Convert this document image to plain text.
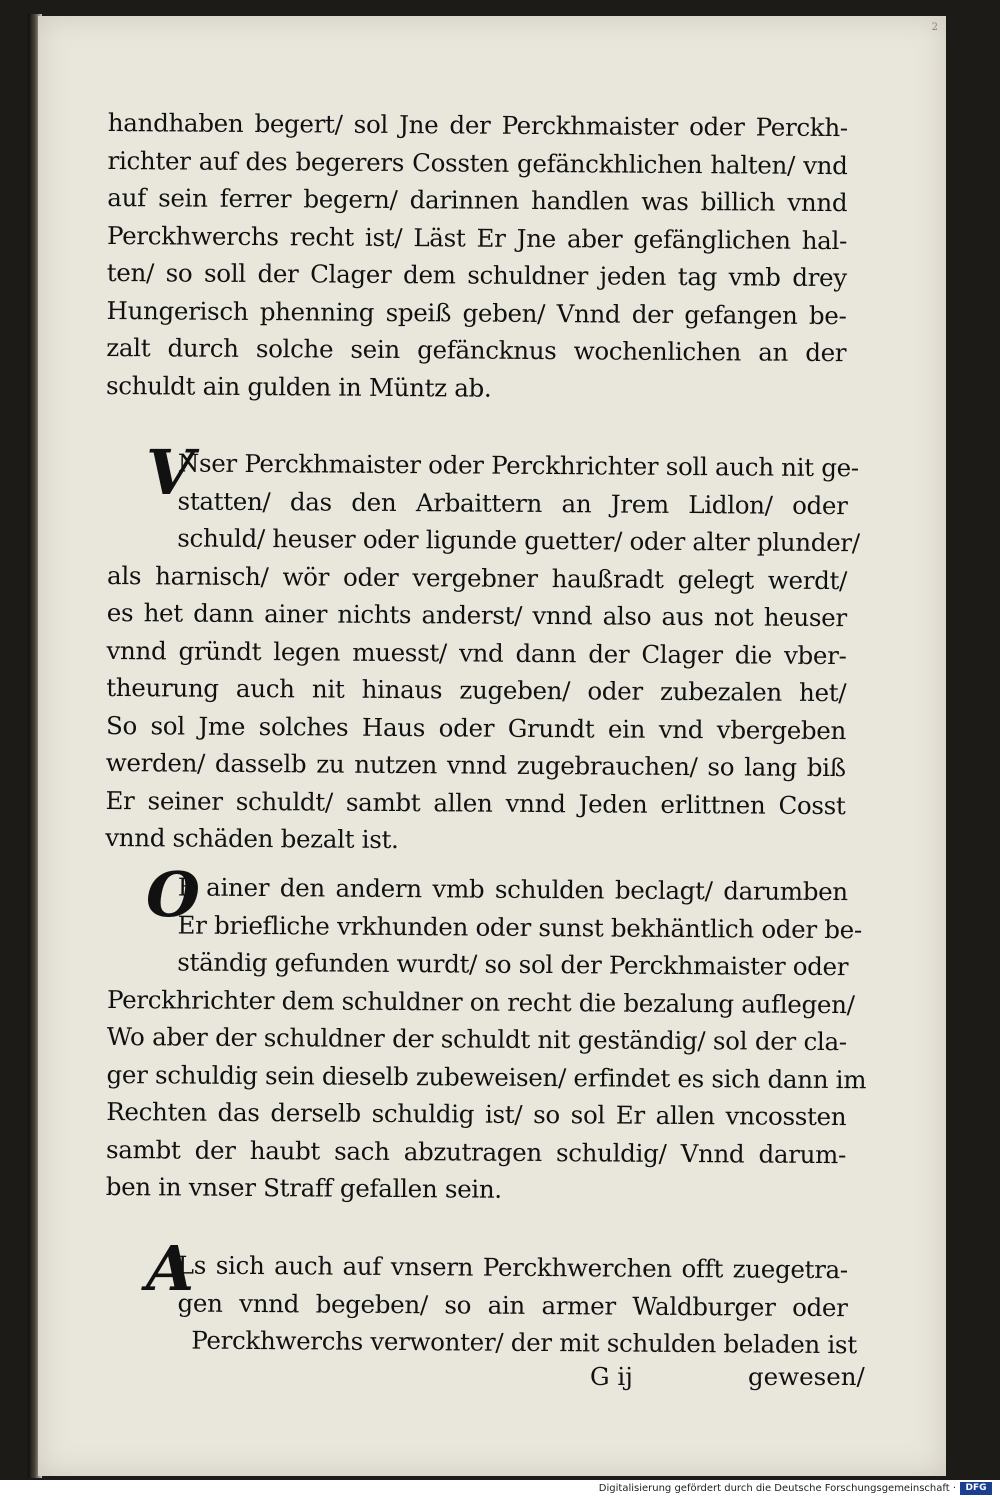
2
handhaben begert/ sol Jne der Perckhmaister oder Perckh-
richter auf des begerers Cossten gefänckhlichen halten/ vnd
auf sein ferrer begern/ darinnen handlen was billich vnnd
Perckhwerchs recht ist/ Läst Er Jne aber gefänglichen hal-
ten/ so soll der Clager dem schuldner jeden tag vmb drey
Hungerisch phenning speiß geben/ Vnnd der gefangen be-
zalt durch solche sein gefäncknus wochenlichen an der
schuldt ain gulden in Müntz ab.
V
Nser Perckhmaister oder Perckhrichter soll auch nit ge-
statten/ das den Arbaittern an Jrem Lidlon/ oder
schuld/ heuser oder ligunde guetter/ oder alter plunder/
als harnisch/ wör oder vergebner haußradt gelegt werdt/
es het dann ainer nichts anderst/ vnnd also aus not heuser
vnnd gründt legen muesst/ vnd dann der Clager die vber-
theurung auch nit hinaus zugeben/ oder zubezalen het/
So sol Jme solches Haus oder Grundt ein vnd vbergeben
werden/ dasselb zu nutzen vnnd zugebrauchen/ so lang biß
Er seiner schuldt/ sambt allen vnnd Jeden erlittnen Cosst
vnnd schäden bezalt ist.
O
B ainer den andern vmb schulden beclagt/ darumben
Er briefliche vrkhunden oder sunst bekhäntlich oder be-
ständig gefunden wurdt/ so sol der Perckhmaister oder
Perckhrichter dem schuldner on recht die bezalung auflegen/
Wo aber der schuldner der schuldt nit geständig/ sol der cla-
ger schuldig sein dieselb zubeweisen/ erfindet es sich dann im
Rechten das derselb schuldig ist/ so sol Er allen vncossten
sambt der haubt sach abzutragen schuldig/ Vnnd darum-
ben in vnser Straff gefallen sein.
A
Ls sich auch auf vnsern Perckhwerchen offt zuegetra-
gen vnnd begeben/ so ain armer Waldburger oder
Perckhwerchs verwonter/ der mit schulden beladen ist
G ij	gewesen/
Digitalisierung gefördert durch die Deutsche Forschungsgemeinschaft ·	DFG
